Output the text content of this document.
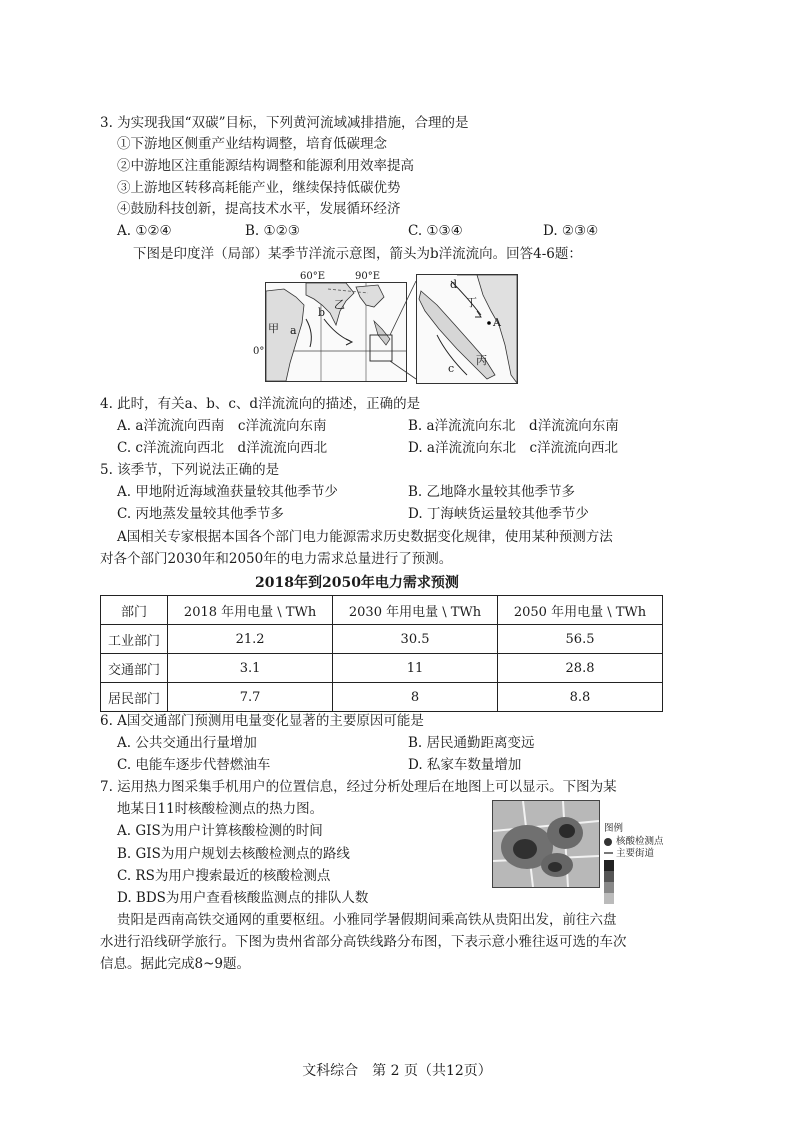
3. 为实现我国“双碳”目标，下列黄河流域减排措施，合理的是
①下游地区侧重产业结构调整，培育低碳理念
②中游地区注重能源结构调整和能源利用效率提高
③上游地区转移高耗能产业，继续保持低碳优势
④鼓励科技创新，提高技术水平，发展循环经济
A. ①②④	B. ①②③	C. ①③④	D. ②③④
下图是印度洋（局部）某季节洋流示意图，箭头为b洋流流向。回答4-6题：
60°E	90°E
0°
甲
乙
a
b
d
丁
A
丙
c
4. 此时，有关a、b、c、d洋流流向的描述，正确的是
A. a洋流流向西南　c洋流流向东南	B. a洋流流向东北　d洋流流向东南
C. c洋流流向西北　d洋流流向西北	D. a洋流流向东北　c洋流流向西北
5. 该季节，下列说法正确的是
A. 甲地附近海域渔获量较其他季节少	B. 乙地降水量较其他季节多
C. 丙地蒸发量较其他季节多	D. 丁海峡货运量较其他季节少
A国相关专家根据本国各个部门电力能源需求历史数据变化规律，使用某种预测方法
对各个部门2030年和2050年的电力需求总量进行了预测。
2018年到2050年电力需求预测
部门	2018 年用电量 \ TWh	2030 年用电量 \ TWh	2050 年用电量 \ TWh
工业部门	21.2	30.5	56.5
交通部门	3.1	11	28.8
居民部门	7.7	8	8.8
6. A国交通部门预测用电量变化显著的主要原因可能是
A. 公共交通出行量增加	B. 居民通勤距离变远
C. 电能车逐步代替燃油车	D. 私家车数量增加
7. 运用热力图采集手机用户的位置信息，经过分析处理后在地图上可以显示。下图为某
地某日11时核酸检测点的热力图。
A. GIS为用户计算核酸检测的时间
B. GIS为用户规划去核酸检测点的路线
C. RS为用户搜索最近的核酸检测点
D. BDS为用户查看核酸监测点的排队人数
图例
核酸检测点
主要街道
贵阳是西南高铁交通网的重要枢纽。小雅同学暑假期间乘高铁从贵阳出发，前往六盘
水进行沿线研学旅行。下图为贵州省部分高铁线路分布图，下表示意小雅往返可选的车次
信息。据此完成8~9题。
文科综合　第 2 页（共12页）
